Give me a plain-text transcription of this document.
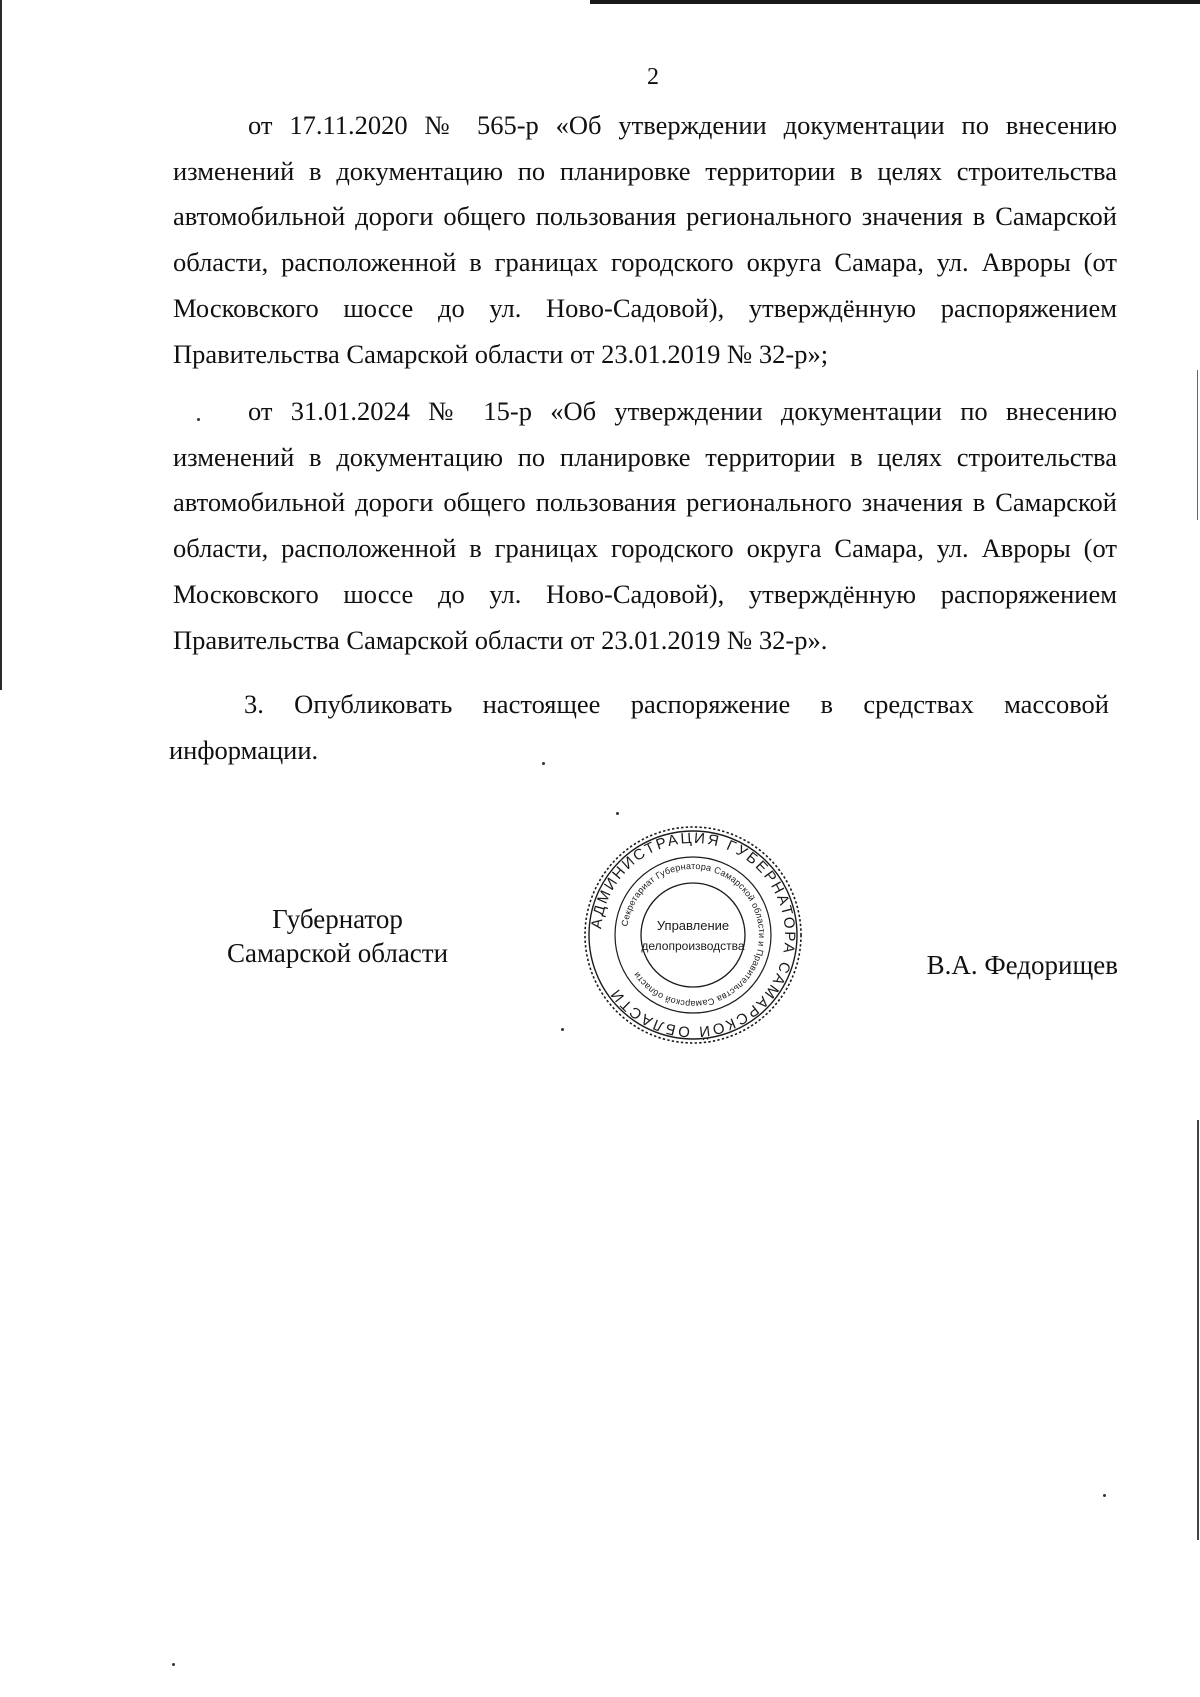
2

от 17.11.2020 № 565-р «Об утверждении документации по внесению изменений в документацию по планировке территории в целях строительства автомобильной дороги общего пользования регионального значения в Самарской области, расположенной в границах городского округа Самара, ул. Авроры (от Московского шоссе до ул. Ново-Садовой), утверждённую распоряжением Правительства Самарской области от 23.01.2019 № 32-р»;

от 31.01.2024 № 15-р «Об утверждении документации по внесению изменений в документацию по планировке территории в целях строительства автомобильной дороги общего пользования регионального значения в Самарской области, расположенной в границах городского округа Самара, ул. Авроры (от Московского шоссе до ул. Ново-Садовой), утверждённую распоряжением Правительства Самарской области от 23.01.2019 № 32-р».

3. Опубликовать настоящее распоряжение в средствах массовой информации.

Губернатор
Самарской области
АДМИНИСТРАЦИЯ ГУБЕРНАТОРА САМАРСКОЙ ОБЛАСТИ
Секретариат Губернатора Самарской области и Правительства Самарской области
Управление
делопроизводства
В.А. Федорищев
